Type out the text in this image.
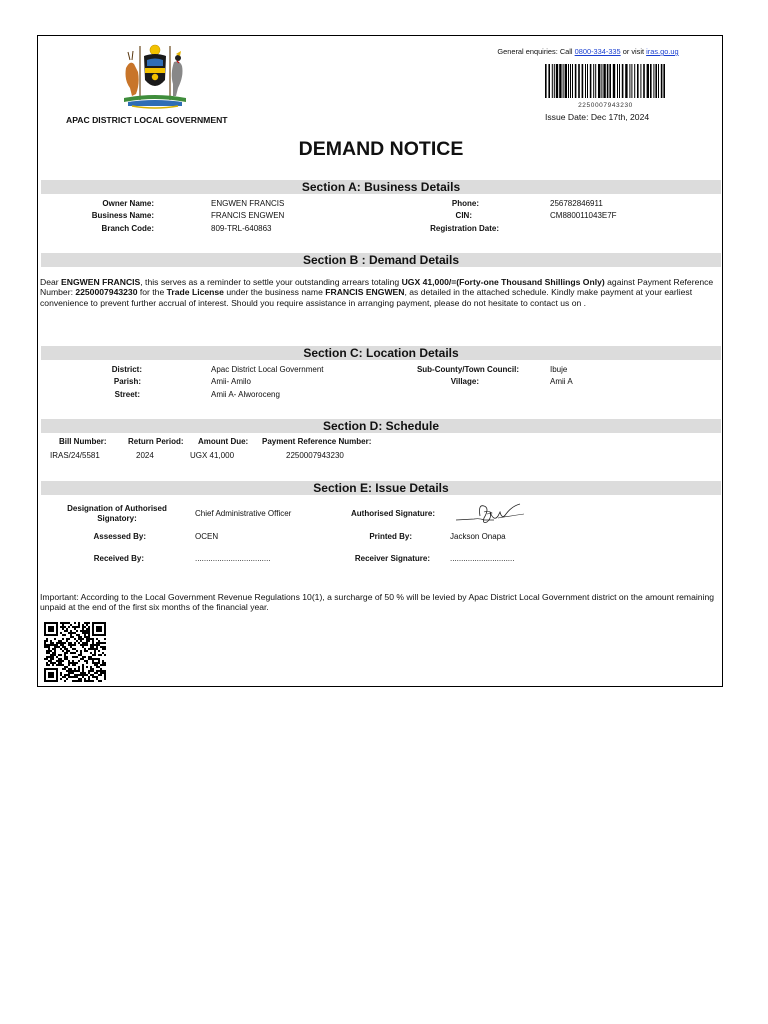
General enquiries: Call 0800-334-335 or visit iras.go.ug
2250007943230
Issue Date: Dec 17th, 2024
APAC DISTRICT LOCAL GOVERNMENT
DEMAND NOTICE
Section A: Business Details
Owner Name:	ENGWEN FRANCIS
Business Name:	FRANCIS ENGWEN
Branch Code:	809-TRL-640863
Phone:	256782846911
CIN:	CM880011043E7F
Registration Date:
Section B : Demand Details
Dear ENGWEN FRANCIS, this serves as a reminder to settle your outstanding arrears totaling UGX 41,000/=(Forty-one Thousand Shillings Only) against Payment Reference Number: 2250007943230 for the Trade License under the business name FRANCIS ENGWEN, as detailed in the attached schedule. Kindly make payment at your earliest convenience to prevent further accrual of interest. Should you require assistance in arranging payment, please do not hesitate to contact us on .
Section C: Location Details
District:	Apac District Local Government
Parish:	Amii- Amilo
Street:	Amii A- Alworoceng
Sub-County/Town Council:	Ibuje
Village:	Amii A
Section D: Schedule
Bill Number:	Return Period: Amount Due: Payment Reference Number:
IRAS/24/5581	2024	UGX 41,000	2250007943230
Section E: Issue Details
Designation of Authorised Signatory:
Chief Administrative Officer	Authorised Signature:
Assessed By:	OCEN	Printed By:	Jackson Onapa
Received By:	..................................	Receiver Signature:	.............................
Important: According to the Local Government Revenue Regulations 10(1), a surcharge of 50 % will be levied by Apac District Local Government district on the amount remaining unpaid at the end of the first six months of the financial year.
